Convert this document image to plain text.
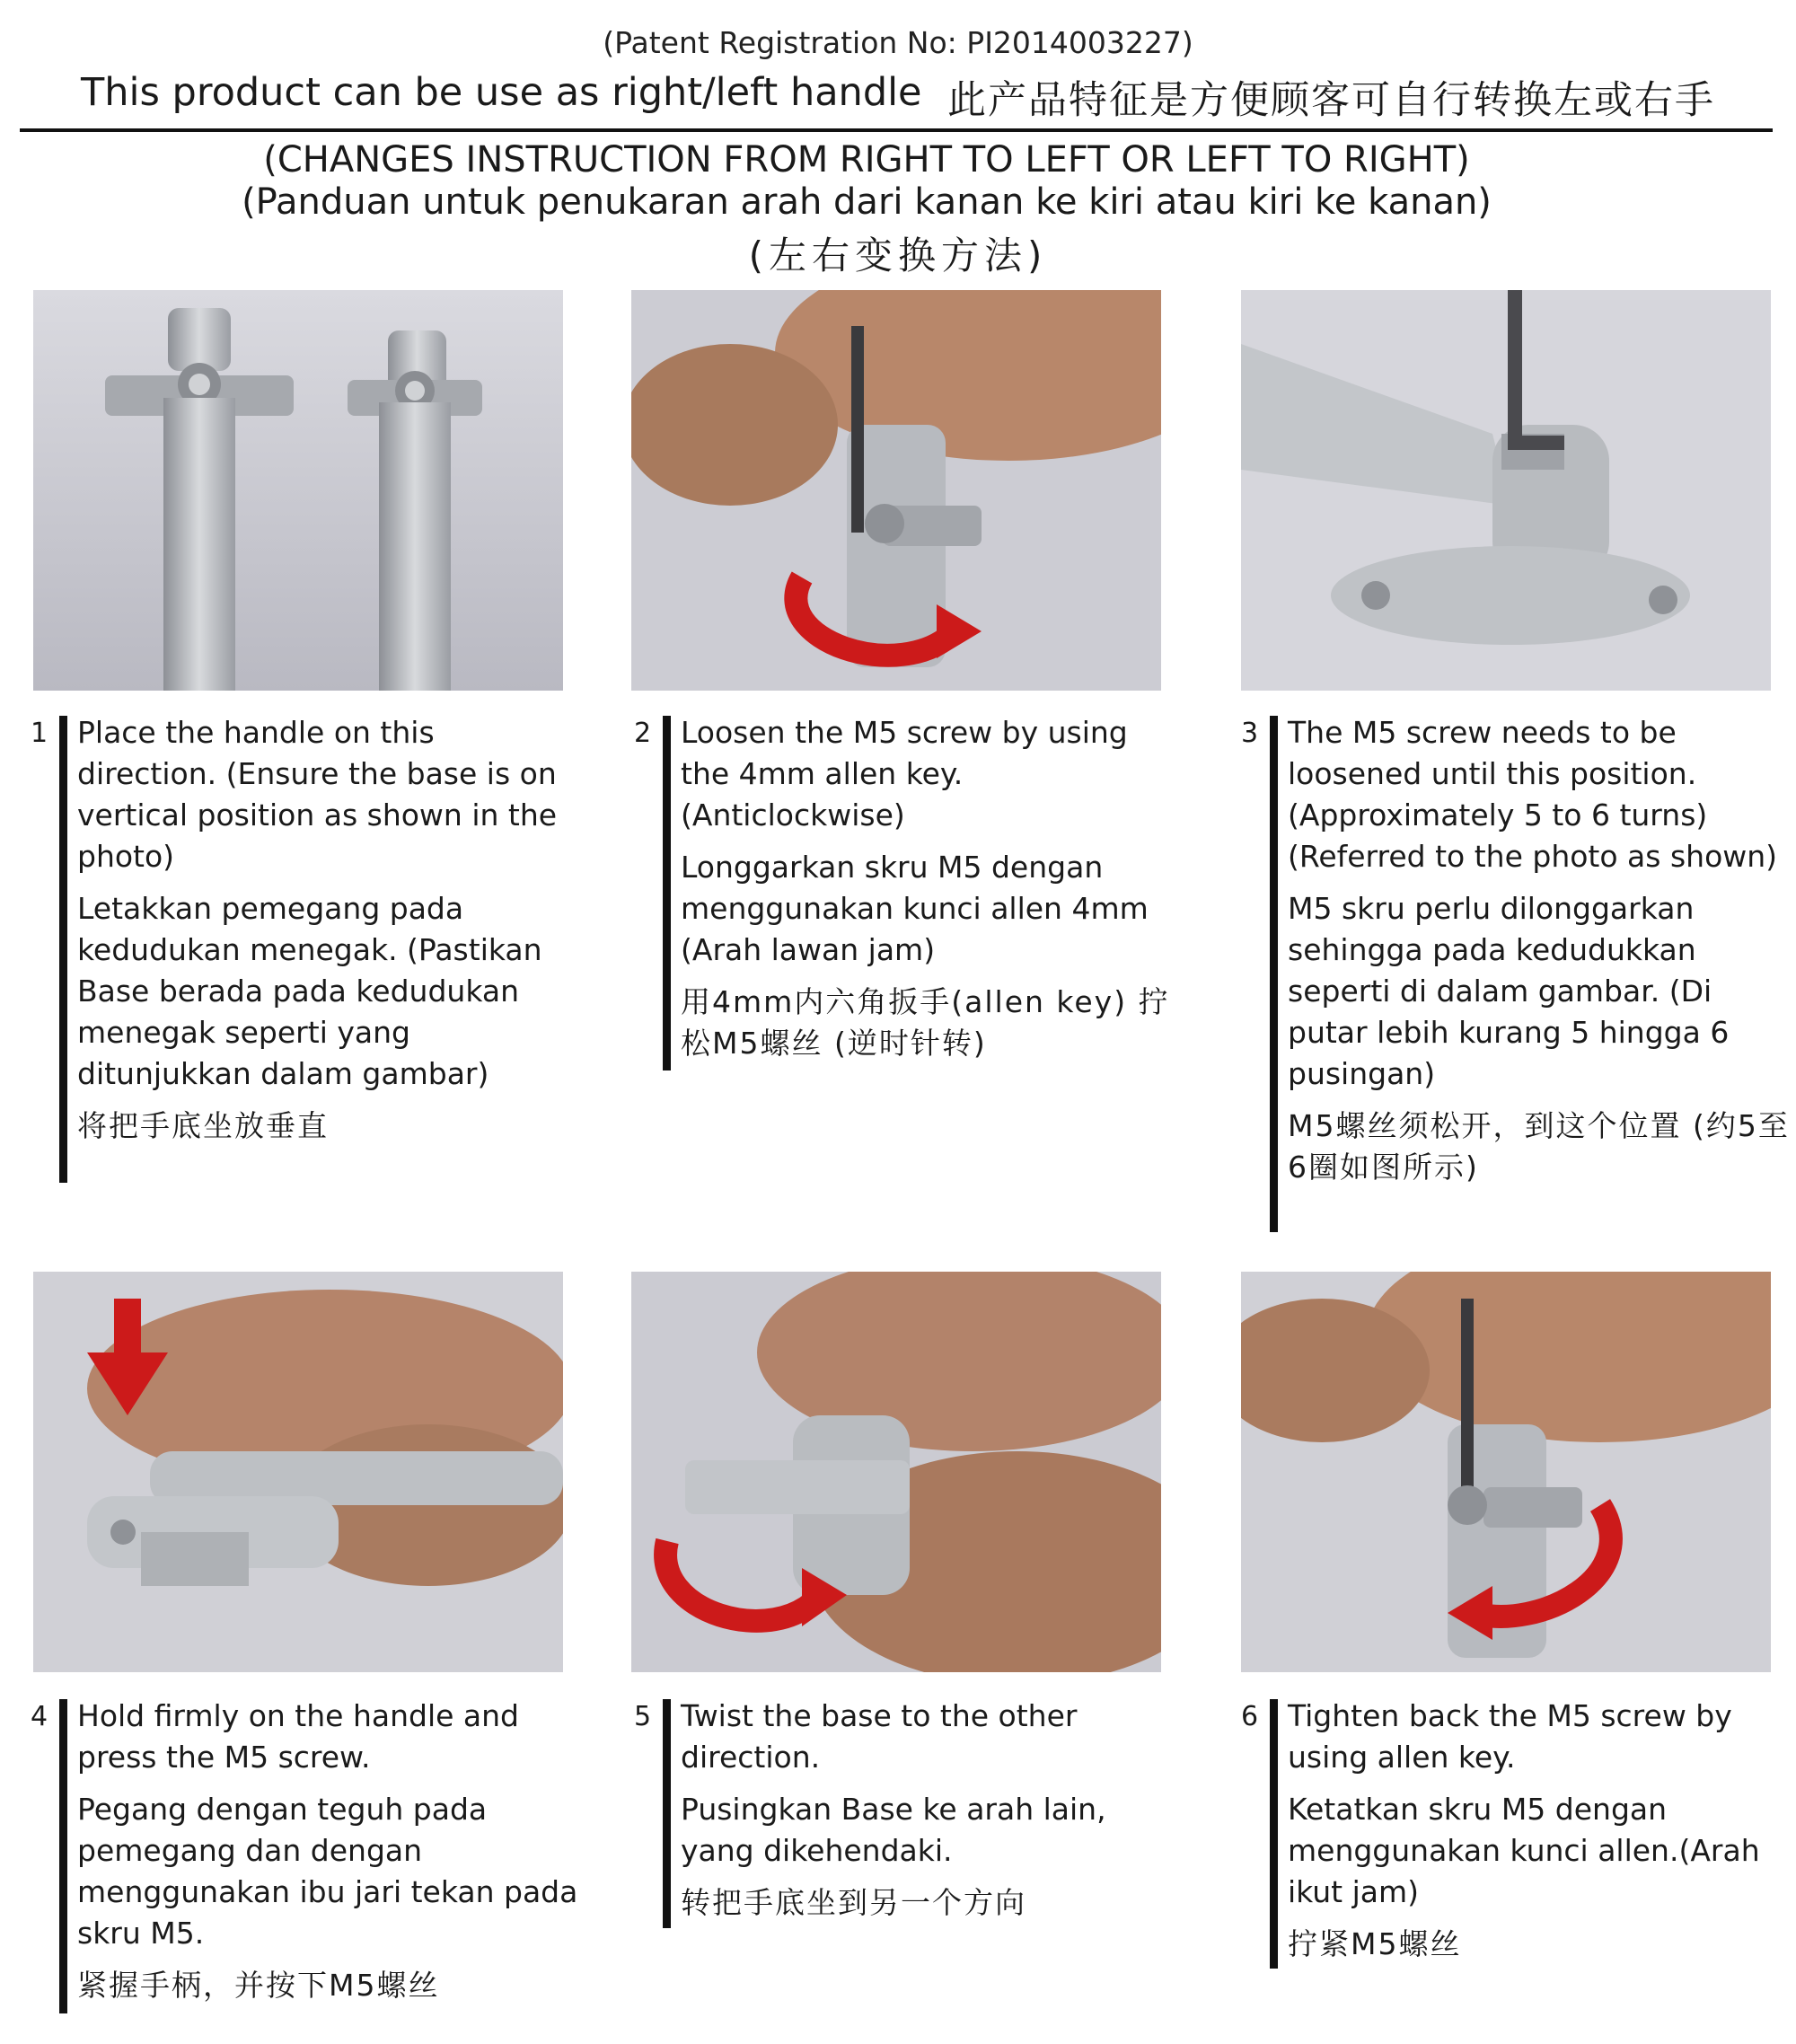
(Patent Registration No: PI2014003227)
This product can be use as right/left handle 此产品特征是方便顾客可自行转换左或右手
(CHANGES INSTRUCTION FROM RIGHT TO LEFT OR LEFT TO RIGHT)
(Panduan untuk penukaran arah dari kanan ke kiri atau kiri ke kanan)
(左右变换方法)
1 Place the handle on this direction. (Ensure the base is on vertical position as shown in the photo)

Letakkan pemegang pada kedudukan menegak. (Pastikan Base berada pada kedudukan menegak seperti yang ditunjukkan dalam gambar)

将把手底坐放垂直

2 Loosen the M5 screw by using the 4mm allen key. (Anticlockwise)

Longgarkan skru M5 dengan menggunakan kunci allen 4mm (Arah lawan jam)

用4mm内六角扳手(allen key) 拧松M5螺丝 (逆时针转)

3 The M5 screw needs to be loosened until this position. (Approximately 5 to 6 turns) (Referred to the photo as shown)

M5 skru perlu dilonggarkan sehingga pada kedudukkan seperti di dalam gambar. (Di putar lebih kurang 5 hingga 6 pusingan)

M5螺丝须松开，到这个位置 (约5至6圈如图所示)

4 Hold firmly on the handle and press the M5 screw.

Pegang dengan teguh pada pemegang dan dengan menggunakan ibu jari tekan pada skru M5.

紧握手柄，并按下M5螺丝

5 Twist the base to the other direction.

Pusingkan Base ke arah lain, yang dikehendaki.

转把手底坐到另一个方向

6 Tighten back the M5 screw by using allen key.

Ketatkan skru M5 dengan menggunakan kunci allen.(Arah ikut jam)

拧紧M5螺丝
